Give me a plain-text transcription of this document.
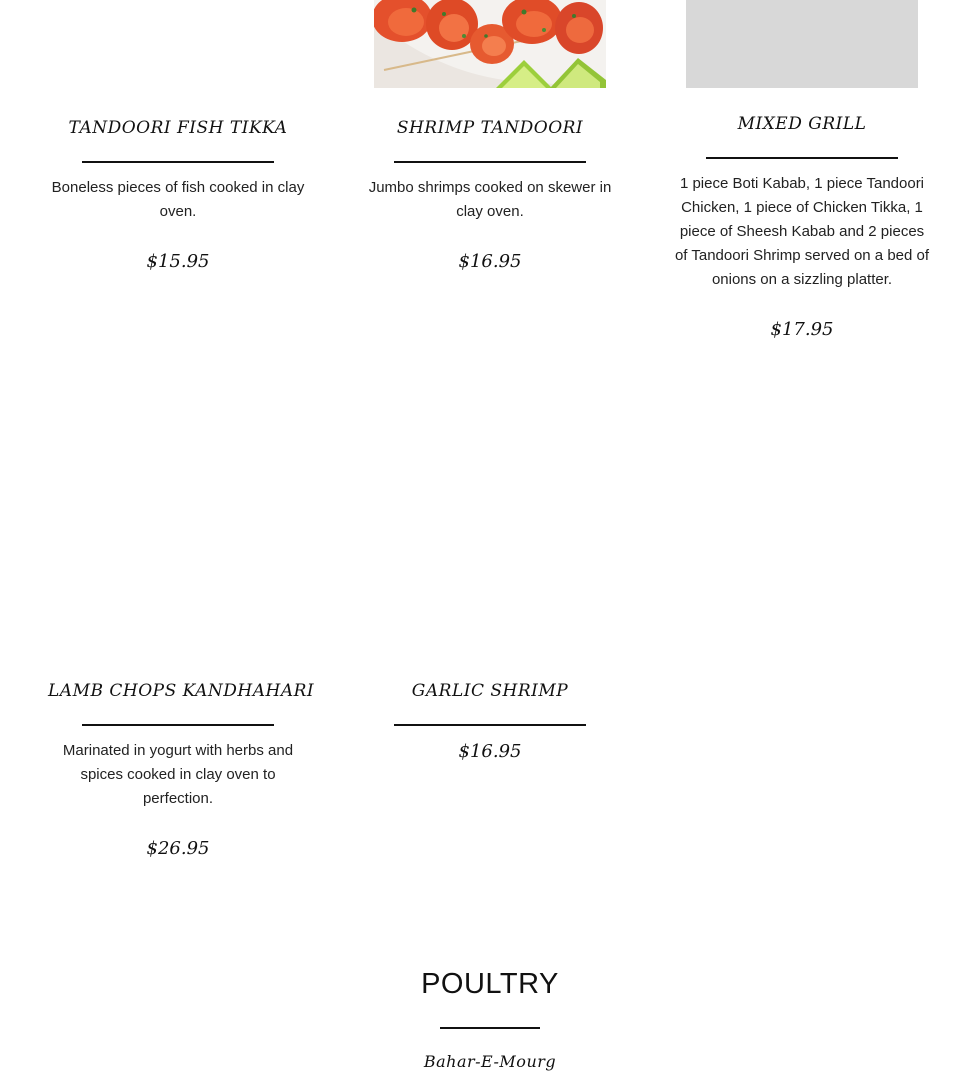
TANDOORI FISH TIKKA
Boneless pieces of fish cooked in clay oven.
$15.95
SHRIMP TANDOORI
Jumbo shrimps cooked on skewer in clay oven.
$16.95
MIXED GRILL
1 piece Boti Kabab, 1 piece Tandoori Chicken, 1 piece of Chicken Tikka, 1 piece of Sheesh Kabab and 2 pieces of Tandoori Shrimp served on a bed of onions on a sizzling platter.
$17.95
LAMB CHOPS KANDHAHARI
Marinated in yogurt with herbs and spices cooked in clay oven to perfection.
$26.95
GARLIC SHRIMP
$16.95
POULTRY
Bahar-E-Mourg
